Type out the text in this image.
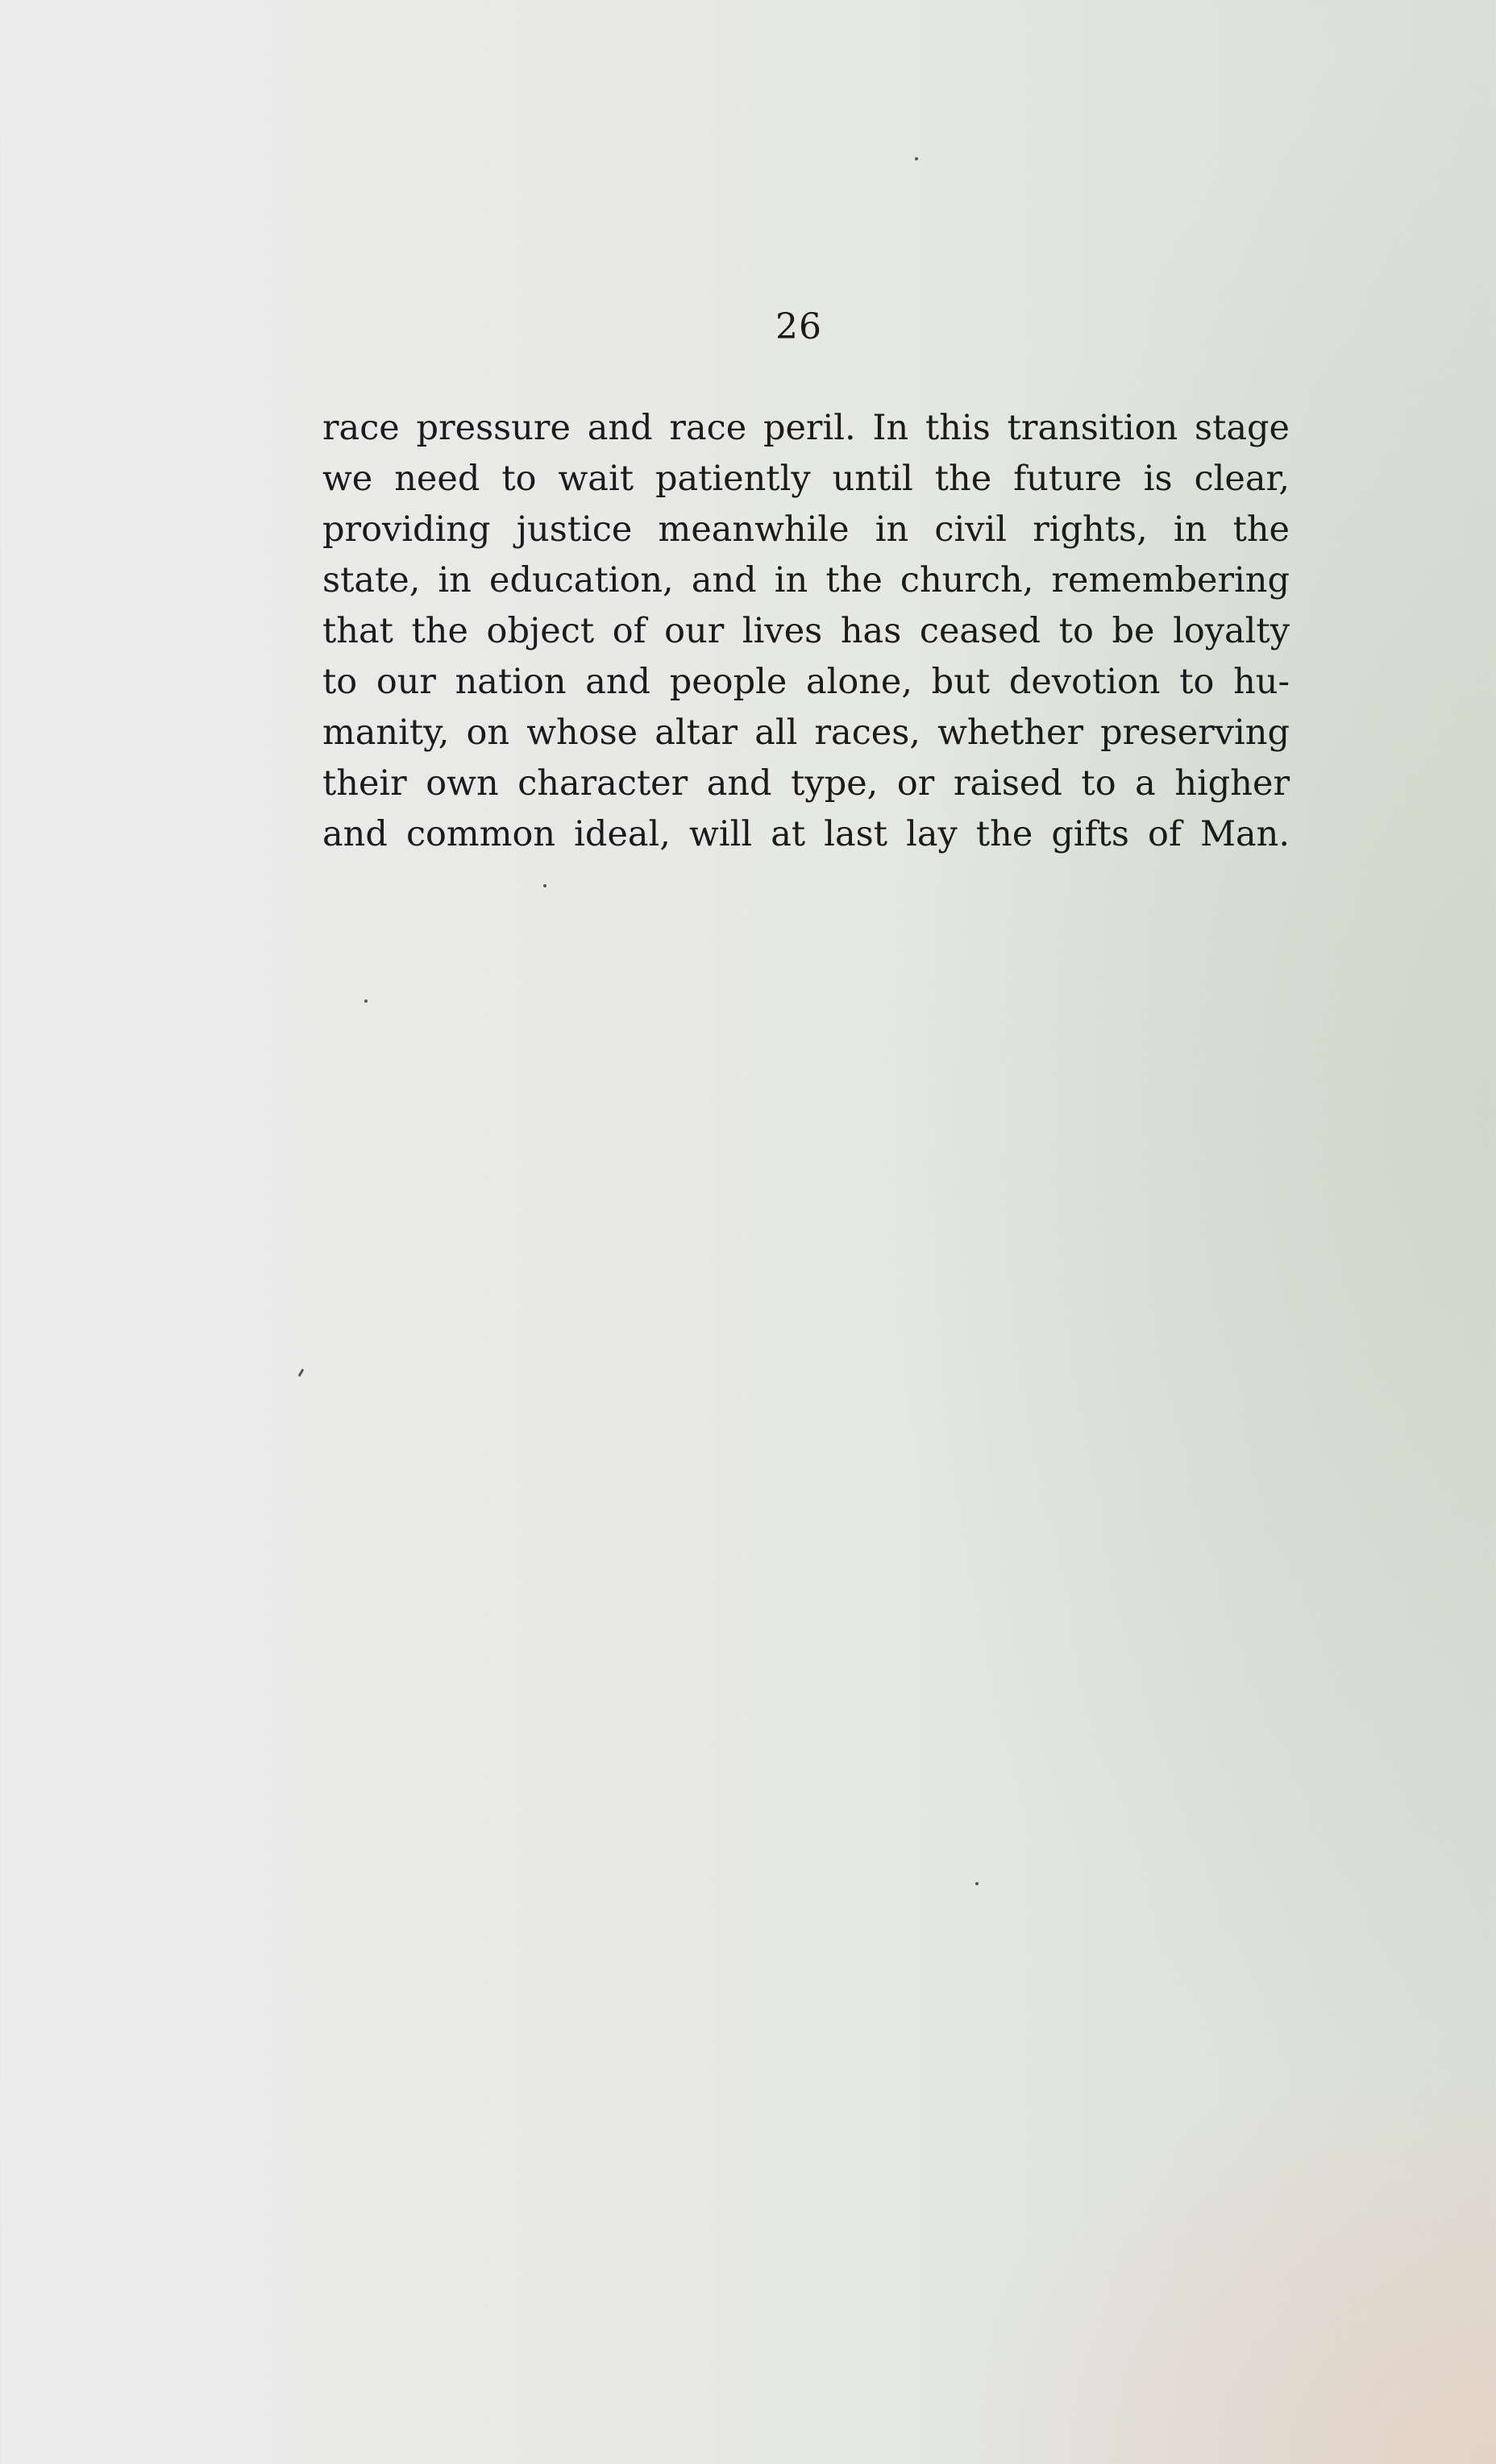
26
race pressure and race peril. In this transition stage
we need to wait patiently until the future is clear,
providing justice meanwhile in civil rights, in the
state, in education, and in the church, remembering
that the object of our lives has ceased to be loyalty
to our nation and people alone, but devotion to hu-
manity, on whose altar all races, whether preserving
their own character and type, or raised to a higher
and common ideal, will at last lay the gifts of Man.
